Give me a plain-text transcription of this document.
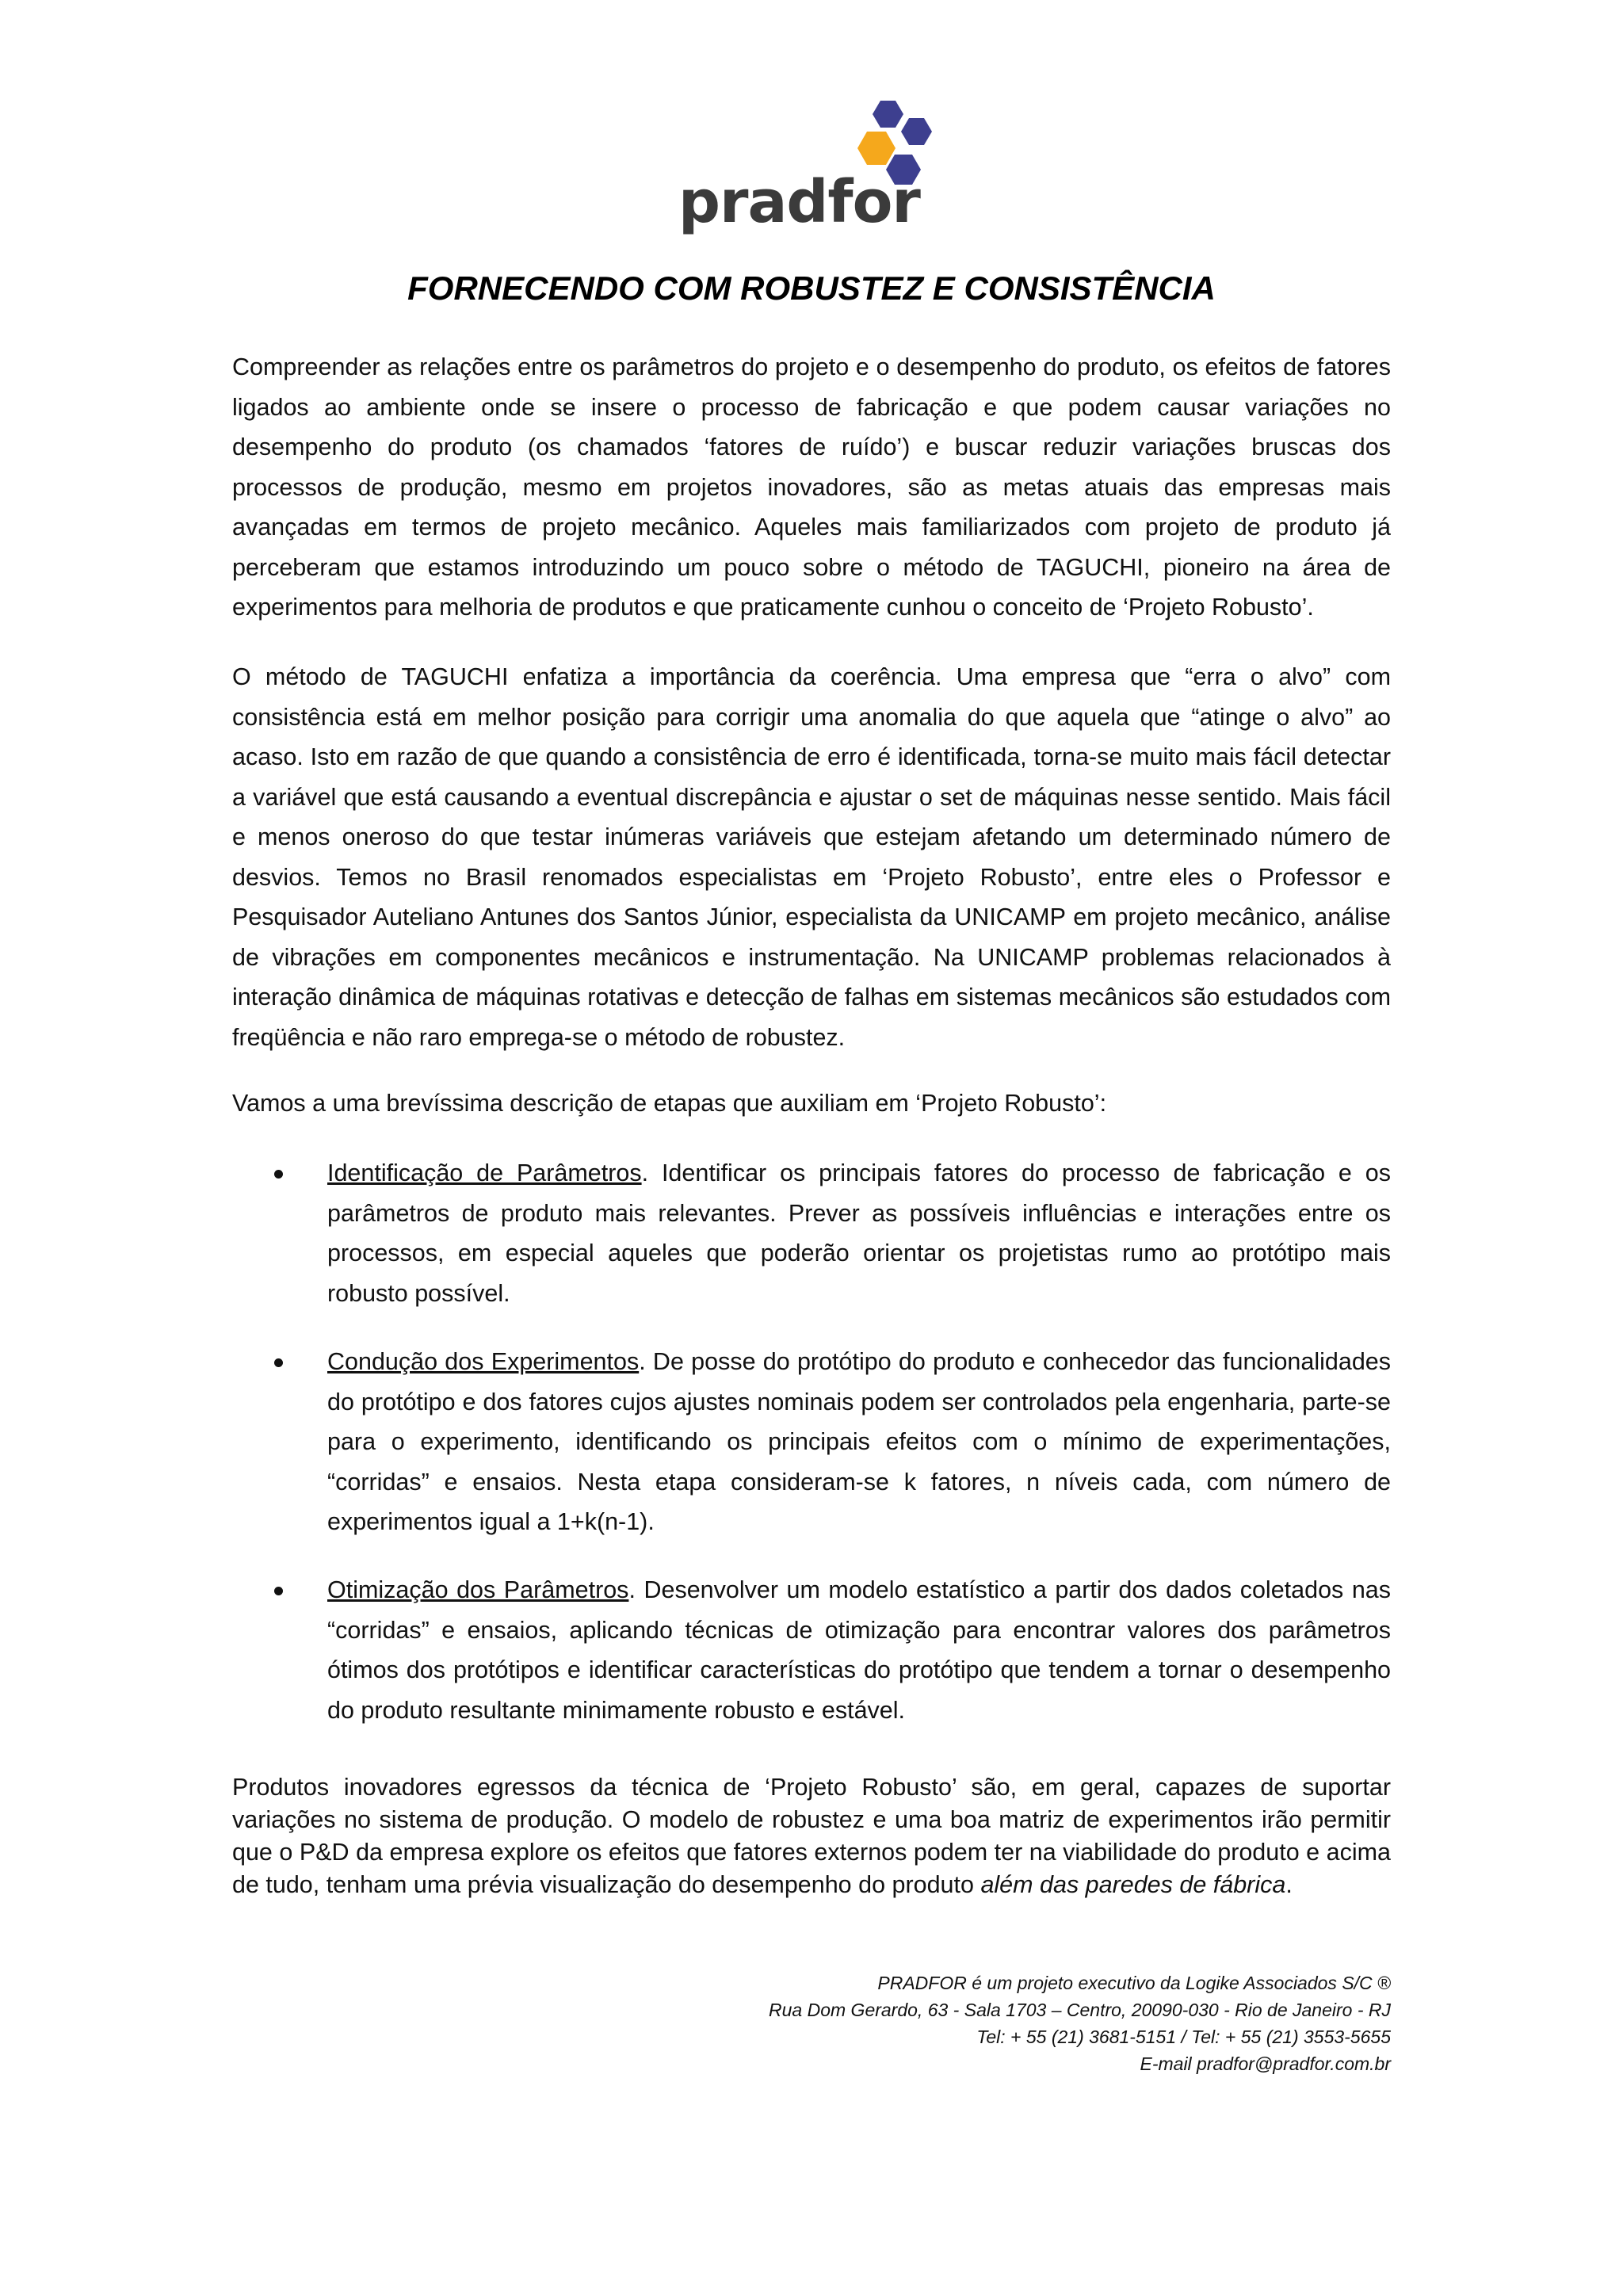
pradfor
FORNECENDO COM ROBUSTEZ E CONSISTÊNCIA

Compreender as relações entre os parâmetros do projeto e o desempenho do produto, os efeitos de fatores ligados ao ambiente onde se insere o processo de fabricação e que podem causar variações no desempenho do produto (os chamados ‘fatores de ruído’) e buscar reduzir variações bruscas dos processos de produção, mesmo em projetos inovadores, são as metas atuais das empresas mais avançadas em termos de projeto mecânico. Aqueles mais familiarizados com projeto de produto já perceberam que estamos introduzindo um pouco sobre o método de TAGUCHI, pioneiro na área de experimentos para melhoria de produtos e que praticamente cunhou o conceito de ‘Projeto Robusto’.

O método de TAGUCHI enfatiza a importância da coerência. Uma empresa que “erra o alvo” com consistência está em melhor posição para corrigir uma anomalia do que aquela que “atinge o alvo” ao acaso. Isto em razão de que quando a consistência de erro é identificada, torna-se muito mais fácil detectar a variável que está causando a eventual discrepância e ajustar o set de máquinas nesse sentido. Mais fácil e menos oneroso do que testar inúmeras variáveis que estejam afetando um determinado número de desvios. Temos no Brasil renomados especialistas em ‘Projeto Robusto’, entre eles o Professor e Pesquisador Auteliano Antunes dos Santos Júnior, especialista da UNICAMP em projeto mecânico, análise de vibrações em componentes mecânicos e instrumentação. Na UNICAMP problemas relacionados à interação dinâmica de máquinas rotativas e detecção de falhas em sistemas mecânicos são estudados com freqüência e não raro emprega-se o método de robustez.

Vamos a uma brevíssima descrição de etapas que auxiliam em ‘Projeto Robusto’:

Identificação de Parâmetros. Identificar os principais fatores do processo de fabricação e os parâmetros de produto mais relevantes. Prever as possíveis influências e interações entre os processos, em especial aqueles que poderão orientar os projetistas rumo ao protótipo mais robusto possível.

Condução dos Experimentos. De posse do protótipo do produto e conhecedor das funcionalidades do protótipo e dos fatores cujos ajustes nominais podem ser controlados pela engenharia, parte-se para o experimento, identificando os principais efeitos com o mínimo de experimentações, “corridas” e ensaios. Nesta etapa consideram-se k fatores, n níveis cada, com número de experimentos igual a 1+k(n-1).

Otimização dos Parâmetros. Desenvolver um modelo estatístico a partir dos dados coletados nas “corridas” e ensaios, aplicando técnicas de otimização para encontrar valores dos parâmetros ótimos dos protótipos e identificar características do protótipo que tendem a tornar o desempenho do produto resultante minimamente robusto e estável.

Produtos inovadores egressos da técnica de ‘Projeto Robusto’ são, em geral, capazes de suportar variações no sistema de produção. O modelo de robustez e uma boa matriz de experimentos irão permitir que o P&D da empresa explore os efeitos que fatores externos podem ter na viabilidade do produto e acima de tudo, tenham uma prévia visualização do desempenho do produto além das paredes de fábrica.

PRADFOR é um projeto executivo da Logike Associados S/C ®
Rua Dom Gerardo, 63 - Sala 1703 – Centro, 20090-030 - Rio de Janeiro - RJ
Tel: + 55 (21) 3681-5151 / Tel: + 55 (21) 3553-5655
E-mail pradfor@pradfor.com.br
